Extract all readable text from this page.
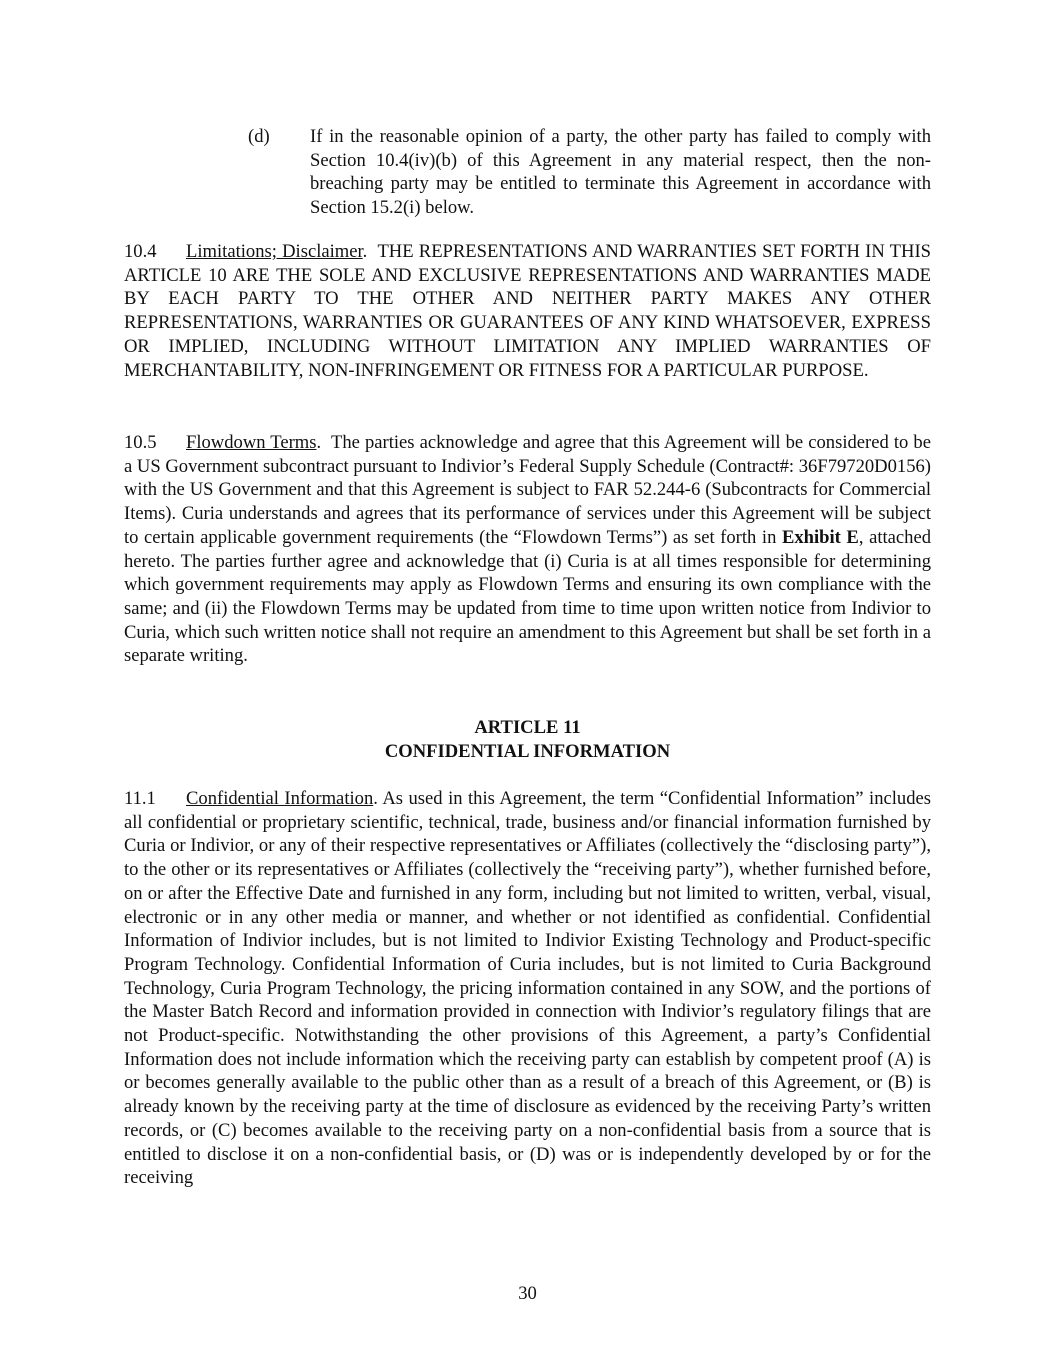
(d) If in the reasonable opinion of a party, the other party has failed to comply with Section 10.4(iv)(b) of this Agreement in any material respect, then the non-breaching party may be entitled to terminate this Agreement in accordance with Section 15.2(i) below.

10.4 Limitations; Disclaimer. THE REPRESENTATIONS AND WARRANTIES SET FORTH IN THIS ARTICLE 10 ARE THE SOLE AND EXCLUSIVE REPRESENTATIONS AND WARRANTIES MADE BY EACH PARTY TO THE OTHER AND NEITHER PARTY MAKES ANY OTHER REPRESENTATIONS, WARRANTIES OR GUARANTEES OF ANY KIND WHATSOEVER, EXPRESS OR IMPLIED, INCLUDING WITHOUT LIMITATION ANY IMPLIED WARRANTIES OF MERCHANTABILITY, NON-INFRINGEMENT OR FITNESS FOR A PARTICULAR PURPOSE.

10.5 Flowdown Terms. The parties acknowledge and agree that this Agreement will be considered to be a US Government subcontract pursuant to Indivior’s Federal Supply Schedule (Contract#: 36F79720D0156) with the US Government and that this Agreement is subject to FAR 52.244-6 (Subcontracts for Commercial Items). Curia understands and agrees that its performance of services under this Agreement will be subject to certain applicable government requirements (the “Flowdown Terms”) as set forth in Exhibit E, attached hereto. The parties further agree and acknowledge that (i) Curia is at all times responsible for determining which government requirements may apply as Flowdown Terms and ensuring its own compliance with the same; and (ii) the Flowdown Terms may be updated from time to time upon written notice from Indivior to Curia, which such written notice shall not require an amendment to this Agreement but shall be set forth in a separate writing.

ARTICLE 11
CONFIDENTIAL INFORMATION

11.1 Confidential Information. As used in this Agreement, the term “Confidential Information” includes all confidential or proprietary scientific, technical, trade, business and/or financial information furnished by Curia or Indivior, or any of their respective representatives or Affiliates (collectively the “disclosing party”), to the other or its representatives or Affiliates (collectively the “receiving party”), whether furnished before, on or after the Effective Date and furnished in any form, including but not limited to written, verbal, visual, electronic or in any other media or manner, and whether or not identified as confidential. Confidential Information of Indivior includes, but is not limited to Indivior Existing Technology and Product-specific Program Technology. Confidential Information of Curia includes, but is not limited to Curia Background Technology, Curia Program Technology, the pricing information contained in any SOW, and the portions of the Master Batch Record and information provided in connection with Indivior’s regulatory filings that are not Product-specific. Notwithstanding the other provisions of this Agreement, a party’s Confidential Information does not include information which the receiving party can establish by competent proof (A) is or becomes generally available to the public other than as a result of a breach of this Agreement, or (B) is already known by the receiving party at the time of disclosure as evidenced by the receiving Party’s written records, or (C) becomes available to the receiving party on a non-confidential basis from a source that is entitled to disclose it on a non-confidential basis, or (D) was or is independently developed by or for the receiving

30
